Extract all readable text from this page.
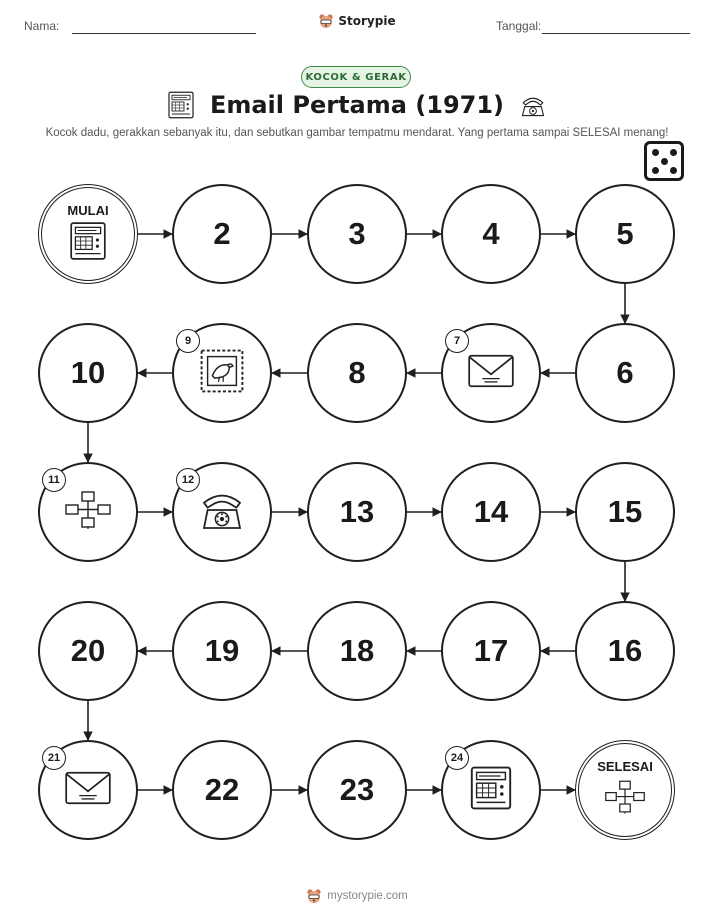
Nama:	Storypie	Tanggal:
KOCOK & GERAK
Email Pertama (1971)
Kocok dadu, gerakkan sebanyak itu, dan sebutkan gambar tempatmu mendarat. Yang pertama sampai SELESAI menang!
MULAI
2	3	4	5
6
7
8
9
10
11	12
13	14	15
16
17
18
19
20
21
22	23
24
SELESAI
mystorypie.com
